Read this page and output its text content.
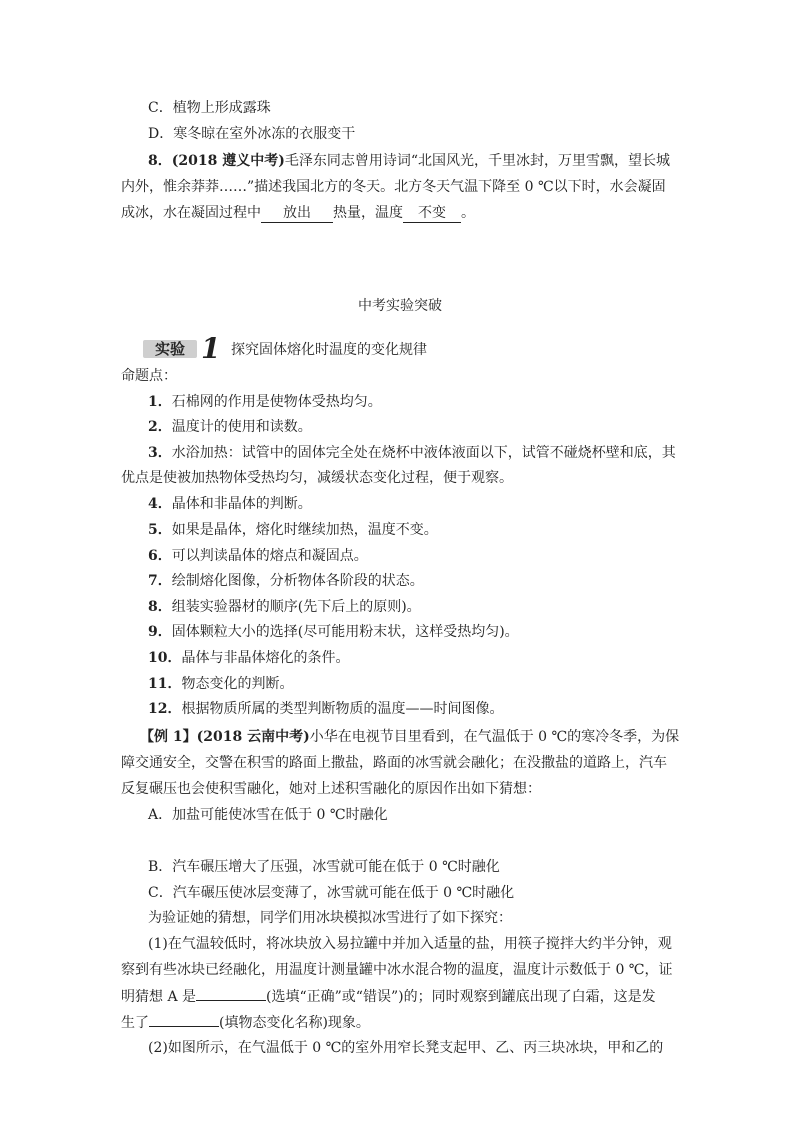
C．植物上形成露珠
D．寒冬晾在室外冰冻的衣服变干
8．(2018 遵义中考)毛泽东同志曾用诗词“北国风光，千里冰封，万里雪飘，望长城
内外，惟余莽莽……”描述我国北方的冬天。北方冬天气温下降至 0 ℃以下时，水会凝固
成冰，水在凝固过程中 放出 热量，温度 不变 。
中考实验突破
实验 1 探究固体熔化时温度的变化规律
命题点：
1．石棉网的作用是使物体受热均匀。
2．温度计的使用和读数。
3．水浴加热：试管中的固体完全处在烧杯中液体液面以下，试管不碰烧杯壁和底，其
优点是使被加热物体受热均匀，减缓状态变化过程，便于观察。
4．晶体和非晶体的判断。
5．如果是晶体，熔化时继续加热，温度不变。
6．可以判读晶体的熔点和凝固点。
7．绘制熔化图像，分析物体各阶段的状态。
8．组装实验器材的顺序(先下后上的原则)。
9．固体颗粒大小的选择(尽可能用粉末状，这样受热均匀)。
10．晶体与非晶体熔化的条件。
11．物态变化的判断。
12．根据物质所属的类型判断物质的温度——时间图像。
【例 1】(2018 云南中考)小华在电视节目里看到，在气温低于 0 ℃的寒冷冬季，为保
障交通安全，交警在积雪的路面上撒盐，路面的冰雪就会融化；在没撒盐的道路上，汽车
反复碾压也会使积雪融化，她对上述积雪融化的原因作出如下猜想：
A．加盐可能使冰雪在低于 0 ℃时融化
B．汽车碾压增大了压强，冰雪就可能在低于 0 ℃时融化
C．汽车碾压使冰层变薄了，冰雪就可能在低于 0 ℃时融化
为验证她的猜想，同学们用冰块模拟冰雪进行了如下探究：
(1)在气温较低时，将冰块放入易拉罐中并加入适量的盐，用筷子搅拌大约半分钟，观
察到有些冰块已经融化，用温度计测量罐中冰水混合物的温度，温度计示数低于 0 ℃，证
明猜想 A 是	(选填“正确”或“错误”)的；同时观察到罐底出现了白霜，这是发
生了	(填物态变化名称)现象。
(2)如图所示，在气温低于 0 ℃的室外用窄长凳支起甲、乙、丙三块冰块，甲和乙的
